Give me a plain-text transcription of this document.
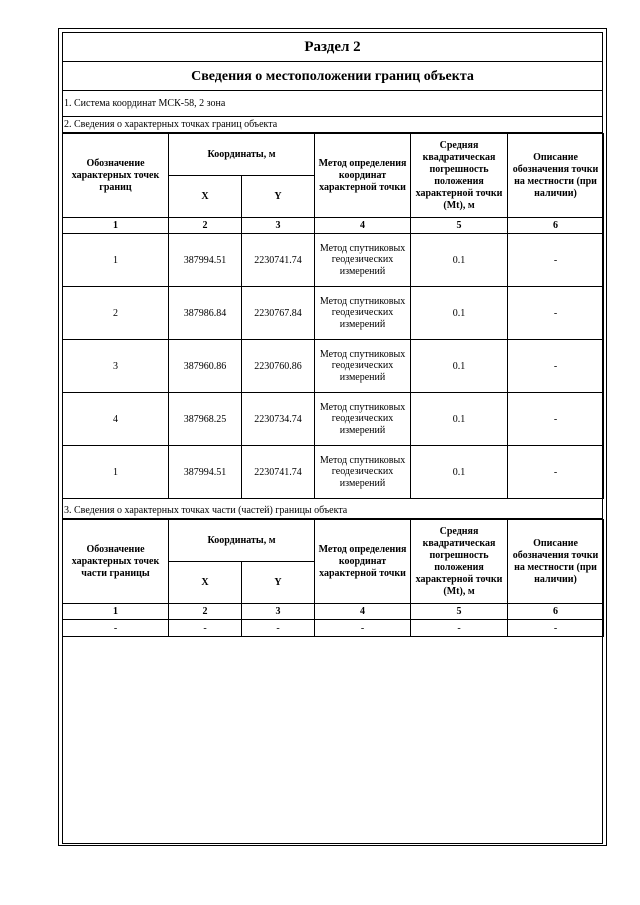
Раздел 2
Сведения о местоположении границ объекта
1. Система координат МСК-58, 2 зона
2. Сведения о характерных точках границ объекта
Обозначение характерных точек границ	Координаты, м		Метод определения координат характерной точки	Средняя квадратическая погрешность положения характерной точки (Mt), м	Описание обозначения точки на местности (при наличии)
	X	Y			
1	2	3	4	5	6
1	387994.51	2230741.74	Метод спутниковых геодезических измерений	0.1	-
2	387986.84	2230767.84	Метод спутниковых геодезических измерений	0.1	-
3	387960.86	2230760.86	Метод спутниковых геодезических измерений	0.1	-
4	387968.25	2230734.74	Метод спутниковых геодезических измерений	0.1	-
1	387994.51	2230741.74	Метод спутниковых геодезических измерений	0.1	-
3. Сведения о характерных точках части (частей) границы объекта
Обозначение характерных точек части границы	Координаты, м		Метод определения координат характерной точки	Средняя квадратическая погрешность положения характерной точки (Mt), м	Описание обозначения точки на местности (при наличии)
	X	Y			
1	2	3	4	5	6
-	-	-	-	-	-
